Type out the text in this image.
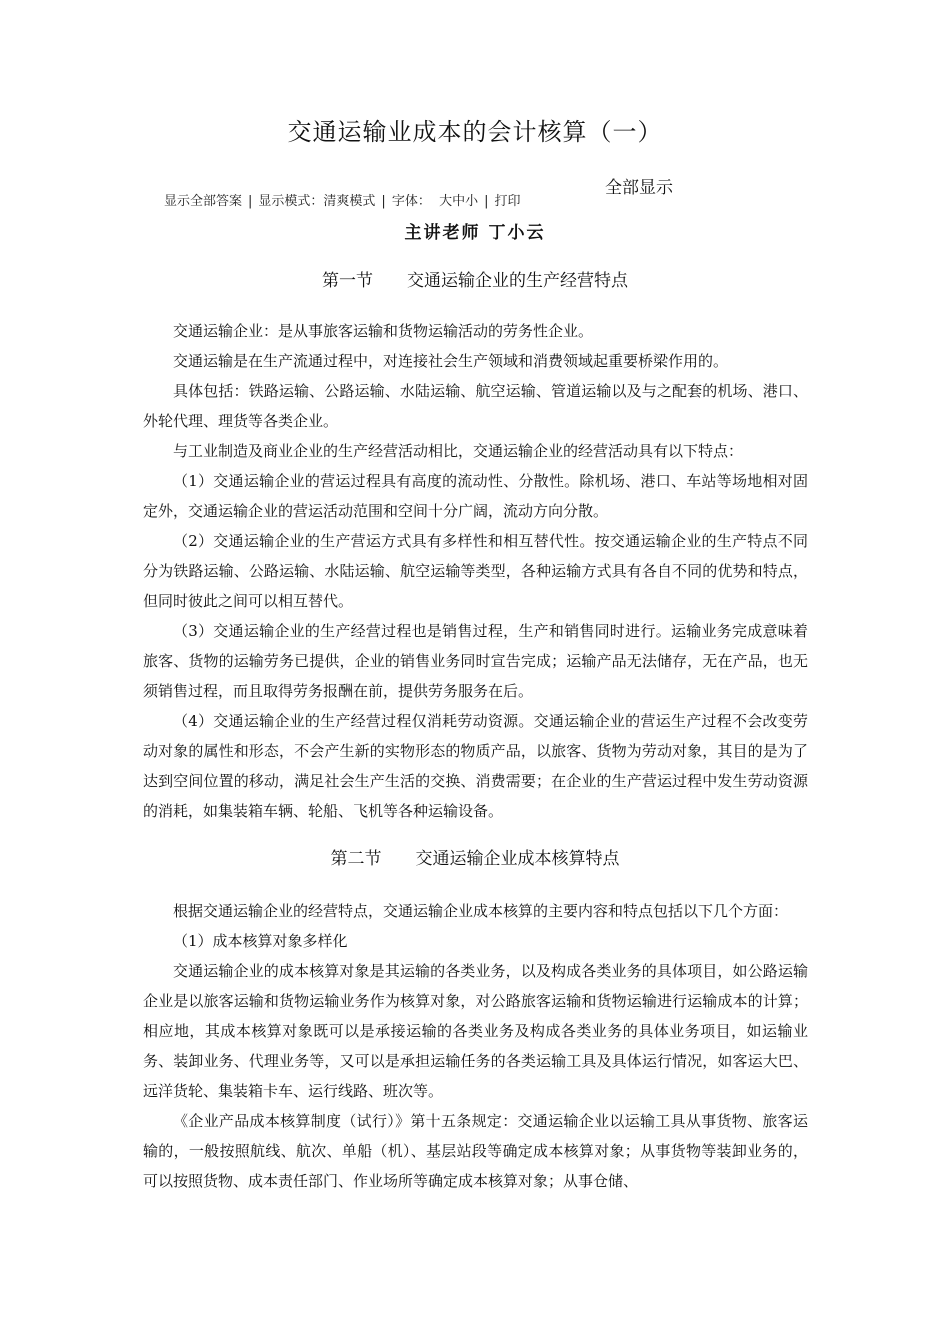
交通运输业成本的会计核算（一）
显示全部答案 | 显示模式：清爽模式 | 字体： 大中小 | 打印
全部显示
主讲老师 丁小云
第一节 交通运输企业的生产经营特点

交通运输企业：是从事旅客运输和货物运输活动的劳务性企业。

交通运输是在生产流通过程中，对连接社会生产领域和消费领域起重要桥梁作用的。

具体包括：铁路运输、公路运输、水陆运输、航空运输、管道运输以及与之配套的机场、港口、外轮代理、理货等各类企业。

与工业制造及商业企业的生产经营活动相比，交通运输企业的经营活动具有以下特点：

（1）交通运输企业的营运过程具有高度的流动性、分散性。除机场、港口、车站等场地相对固定外，交通运输企业的营运活动范围和空间十分广阔，流动方向分散。

（2）交通运输企业的生产营运方式具有多样性和相互替代性。按交通运输企业的生产特点不同分为铁路运输、公路运输、水陆运输、航空运输等类型，各种运输方式具有各自不同的优势和特点，但同时彼此之间可以相互替代。

（3）交通运输企业的生产经营过程也是销售过程，生产和销售同时进行。运输业务完成意味着旅客、货物的运输劳务已提供，企业的销售业务同时宣告完成；运输产品无法储存，无在产品，也无须销售过程，而且取得劳务报酬在前，提供劳务服务在后。

（4）交通运输企业的生产经营过程仅消耗劳动资源。交通运输企业的营运生产过程不会改变劳动对象的属性和形态，不会产生新的实物形态的物质产品，以旅客、货物为劳动对象，其目的是为了达到空间位置的移动，满足社会生产生活的交换、消费需要；在企业的生产营运过程中发生劳动资源的消耗，如集装箱车辆、轮船、飞机等各种运输设备。

第二节 交通运输企业成本核算特点

根据交通运输企业的经营特点，交通运输企业成本核算的主要内容和特点包括以下几个方面：

（1）成本核算对象多样化

交通运输企业的成本核算对象是其运输的各类业务，以及构成各类业务的具体项目，如公路运输企业是以旅客运输和货物运输业务作为核算对象，对公路旅客运输和货物运输进行运输成本的计算；相应地，其成本核算对象既可以是承接运输的各类业务及构成各类业务的具体业务项目，如运输业务、装卸业务、代理业务等，又可以是承担运输任务的各类运输工具及具体运行情况，如客运大巴、远洋货轮、集装箱卡车、运行线路、班次等。

《企业产品成本核算制度（试行）》第十五条规定：交通运输企业以运输工具从事货物、旅客运输的，一般按照航线、航次、单船（机）、基层站段等确定成本核算对象；从事货物等装卸业务的，可以按照货物、成本责任部门、作业场所等确定成本核算对象；从事仓储、
